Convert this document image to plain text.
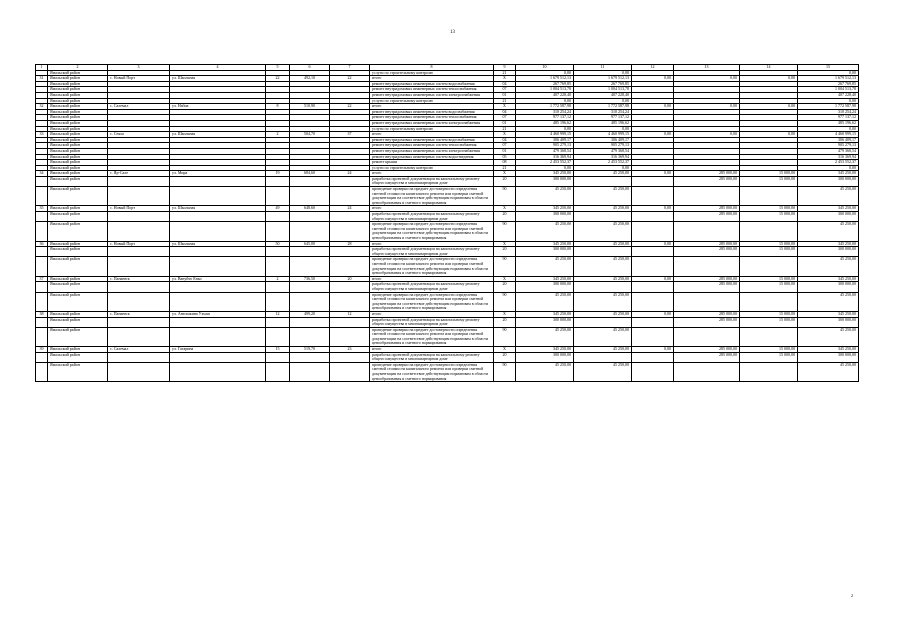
13
1	2	3	4	5	6	7	8	9	10	11	12	13	14	15
	Ямальский район						услуги по строительному контролю	21	0,00	0,00				0,00
31	Ямальский район	с. Новый Порт	ул. Школьная	22	492,10	22	итого	X	1 679 512,13	1 679 512,13	0,00	0,00	0,00	1 679 512,13
	Ямальский район						ремонт внутридомовых инженерных систем водоснабжения	04	267 769,85	267 769,85				267 769,85
	Ямальский район						ремонт внутридомовых инженерных систем теплоснабжения	07	1 004 513,78	1 004 513,78				1 004 513,78
	Ямальский район						ремонт внутридомовых инженерных систем электроснабжения	01	407 228,40	407 228,40				407 228,40
	Ямальский район						услуги по строительному контролю	21	0,00	0,00				0,00
32	Ямальский район	с. Салемал	ул. Набиа	8	510,90	22	итого	X	1 772 587,98	1 772 587,98	0,00	0,00	0,00	1 772 587,98
	Ямальский район						ремонт внутридомовых инженерных систем водоснабжения	04	310 254,24	310 254,24				310 254,24
	Ямальский район						ремонт внутридомовых инженерных систем теплоснабжения	07	977 137,12	977 137,12				977 137,12
	Ямальский район						ремонт внутридомовых инженерных систем электроснабжения	01	485 196,62	485 196,62				485 196,62
	Ямальский район						услуги по строительному контролю	21	0,00	0,00				0,00
33	Ямальский район	с. Сеяха	ул. Школьная	2	504,70	37	итого	X	4 460 999,15	4 460 999,15	0,00	0,00	0,00	4 460 999,15
	Ямальский район						ремонт внутридомовых инженерных систем водоснабжения	04	306 409,17	306 409,17				306 409,17
	Ямальский район						ремонт внутридомовых инженерных систем теплоснабжения	07	905 279,13	905 279,13				905 279,13
	Ямальский район						ремонт внутридомовых инженерных систем электроснабжения	01	479 368,54	479 368,54				479 368,54
	Ямальский район						ремонт внутридомовых инженерных систем водоотведения	05	316 369,94	316 369,94				316 369,94
	Ямальский район						ремонт крыши	08	2 453 552,37	2 453 552,37				2 453 552,37
	Ямальский район						услуги по строительному контролю	21	0,00	0,00				0,00
34	Ямальский район	с. Яр-Сале	ул. Мира	19	684,60	24	итого	X	345 250,00	45 250,00	0,00	285 000,00	15 000,00	345 250,00
	Ямальский район						разработка проектной документации на капитальному ремонту общего имущества в многоквартирном доме	20	300 000,00			285 000,00	15 000,00	300 000,00
	Ямальский район						проведение проверки на предмет достоверности определения сметной стоимости капитального ремонта или проверки сметной документации на соответствие действующим нормативам в области ценообразования и сметного нормирования	90	45 250,00	45 250,00				45 250,00
35	Ямальский район	с. Новый Порт	ул. Школьная	49	648,60	24	итого	X	345 250,00	45 250,00	0,00	285 000,00	15 000,00	345 250,00
	Ямальский район						разработка проектной документации на капитальному ремонту общего имущества в многоквартирном доме	20	300 000,00			285 000,00	15 000,00	300 000,00
	Ямальский район						проведение проверки на предмет достоверности определения сметной стоимости капитального ремонта или проверки сметной документации на соответствие действующим нормативам в области ценообразования и сметного нормирования	90	45 250,00	45 250,00				45 250,00
36	Ямальский район	с. Новый Порт	ул. Школьная	50	645,00	28	итого	X	345 250,00	45 250,00	0,00	285 000,00	15 000,00	345 250,00
	Ямальский район						разработка проектной документации на капитальному ремонту общего имущества в многоквартирном доме	20	300 000,00			285 000,00	15 000,00	300 000,00
	Ямальский район						проведение проверки на предмет достоверности определения сметной стоимости капитального ремонта или проверки сметной документации на соответствие действующим нормативам в области ценообразования и сметного нормирования	90	45 250,00	45 250,00				45 250,00
37	Ямальский район	с. Панаевск	ул. Вануйто Енко	2	736,50	20	итого	X	345 250,00	45 250,00	0,00	285 000,00	15 000,00	345 250,00
	Ямальский район						разработка проектной документации на капитальному ремонту общего имущества в многоквартирном доме	20	300 000,00			285 000,00	15 000,00	300 000,00
	Ямальский район						проведение проверки на предмет достоверности определения сметной стоимости капитального ремонта или проверки сметной документации на соответствие действующим нормативам в области ценообразования и сметного нормирования	90	45 250,00	45 250,00				45 250,00
38	Ямальский район	с. Панаевск	ул. Антошкина Уэхаш	12	499,20	12	итого	X	345 250,00	45 250,00	0,00	285 000,00	15 000,00	345 250,00
	Ямальский район						разработка проектной документации на капитальному ремонту общего имущества в многоквартирном доме	20	300 000,00			285 000,00	15 000,00	300 000,00
	Ямальский район						проведение проверки на предмет достоверности определения сметной стоимости капитального ремонта или проверки сметной документации на соответствие действующим нормативам в области ценообразования и сметного нормирования	90	45 250,00	45 250,00				45 250,00
39	Ямальский район	с. Салемал	ул. Гагарина	15	519,70	23	итого	X	345 250,00	45 250,00	0,00	285 000,00	15 000,00	345 250,00
	Ямальский район						разработка проектной документации на капитальному ремонту общего имущества в многоквартирном доме	20	300 000,00			285 000,00	15 000,00	300 000,00
	Ямальский район						проведение проверки на предмет достоверности определения сметной стоимости капитального ремонта или проверки сметной документации на соответствие действующим нормативам в области ценообразования и сметного нормирования	90	45 250,00	45 250,00				45 250,00
2
